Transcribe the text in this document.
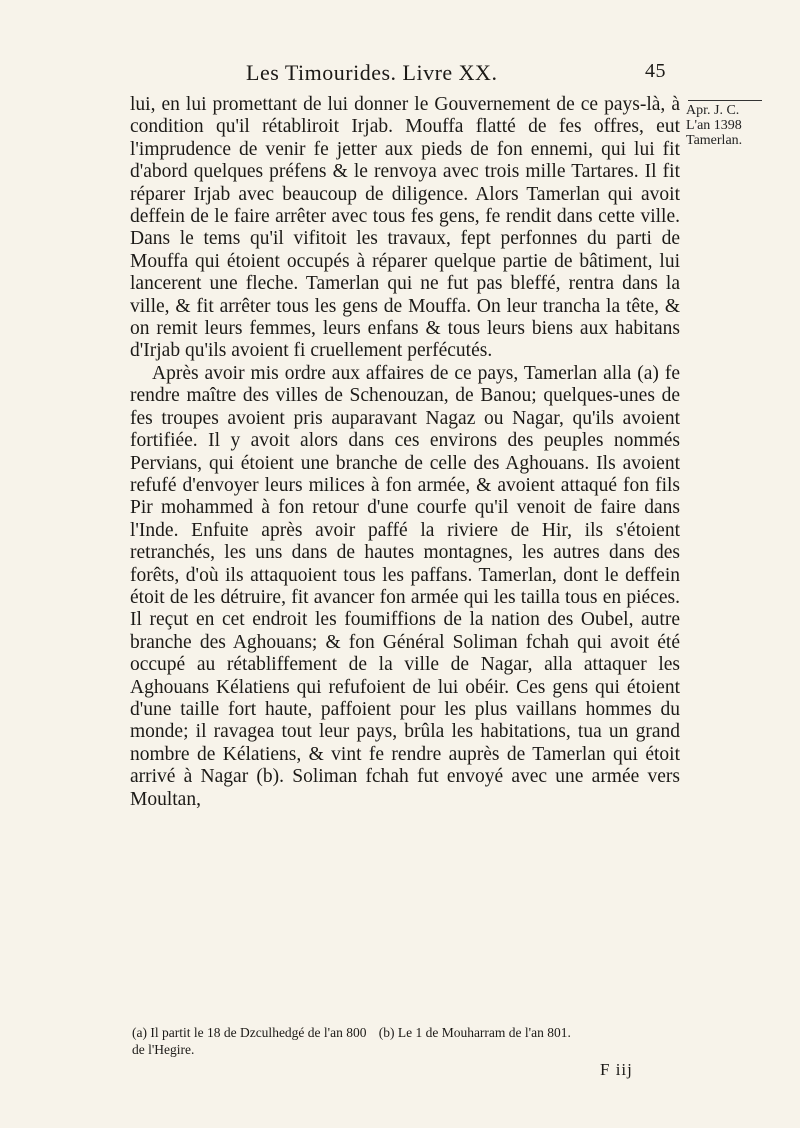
Les Timourides. Livre XX.	45
Apr. J. C.
L'an 1398
Tamerlan.

lui, en lui promettant de lui donner le Gouvernement de ce pays-là, à condition qu'il rétabliroit Irjab. Mouffa flatté de fes offres, eut l'imprudence de venir fe jetter aux pieds de fon ennemi, qui lui fit d'abord quelques préfens & le renvoya avec trois mille Tartares. Il fit réparer Irjab avec beaucoup de diligence. Alors Tamerlan qui avoit deffein de le faire arrêter avec tous fes gens, fe rendit dans cette ville. Dans le tems qu'il vifitoit les travaux, fept perfonnes du parti de Mouffa qui étoient occupés à réparer quelque partie de bâtiment, lui lancerent une fleche. Tamerlan qui ne fut pas bleffé, rentra dans la ville, & fit arrêter tous les gens de Mouffa. On leur trancha la tête, & on remit leurs femmes, leurs enfans & tous leurs biens aux habitans d'Irjab qu'ils avoient fi cruellement perfécutés.

Après avoir mis ordre aux affaires de ce pays, Tamerlan alla (a) fe rendre maître des villes de Schenouzan, de Banou; quelques-unes de fes troupes avoient pris auparavant Nagaz ou Nagar, qu'ils avoient fortifiée. Il y avoit alors dans ces environs des peuples nommés Pervians, qui étoient une branche de celle des Aghouans. Ils avoient refufé d'envoyer leurs milices à fon armée, & avoient attaqué fon fils Pir mohammed à fon retour d'une courfe qu'il venoit de faire dans l'Inde. Enfuite après avoir paffé la riviere de Hir, ils s'étoient retranchés, les uns dans de hautes montagnes, les autres dans des forêts, d'où ils attaquoient tous les paffans. Tamerlan, dont le deffein étoit de les détruire, fit avancer fon armée qui les tailla tous en piéces. Il reçut en cet endroit les foumiffions de la nation des Oubel, autre branche des Aghouans; & fon Général Soliman fchah qui avoit été occupé au rétabliffement de la ville de Nagar, alla attaquer les Aghouans Kélatiens qui refufoient de lui obéir. Ces gens qui étoient d'une taille fort haute, paffoient pour les plus vaillans hommes du monde; il ravagea tout leur pays, brûla les habitations, tua un grand nombre de Kélatiens, & vint fe rendre auprès de Tamerlan qui étoit arrivé à Nagar (b). Soliman fchah fut envoyé avec une armée vers Moultan,

(a) Il partit le 18 de Dzculhedgé de l'an 800 de l'Hegire.
(b) Le 1 de Mouharram de l'an 801.
F iij
